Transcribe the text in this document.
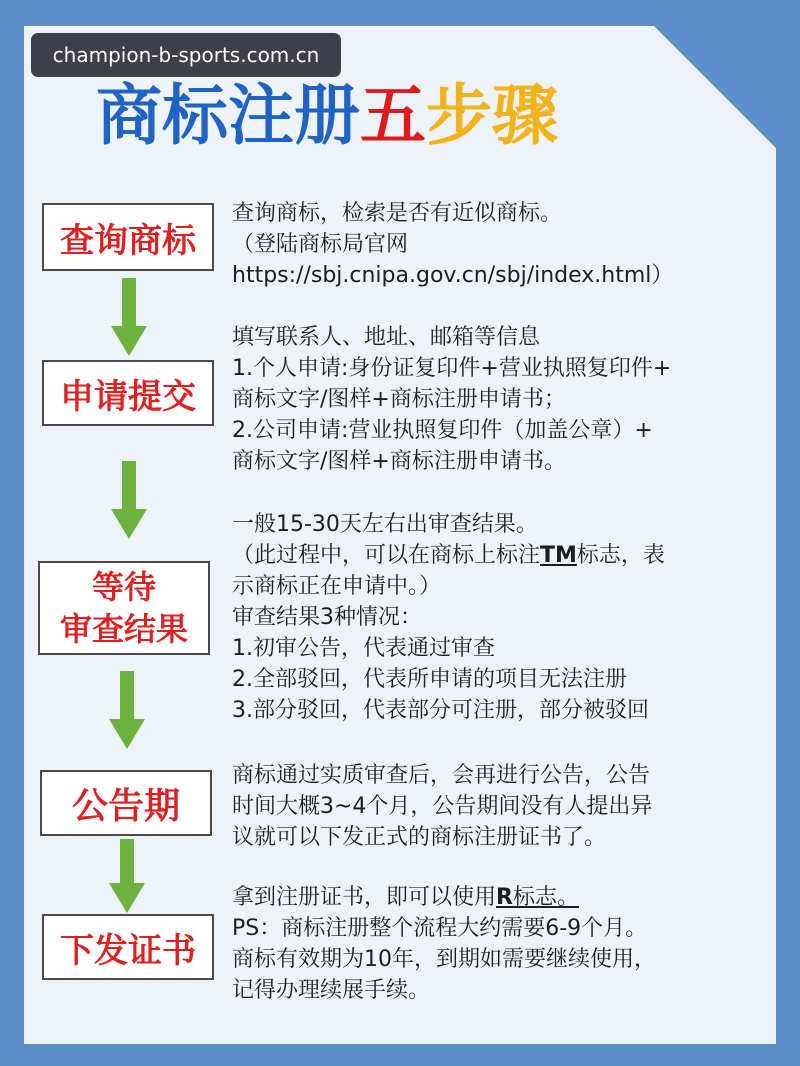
champion-b-sports.com.cn
商标注册五步骤
查询商标
查询商标，检索是否有近似商标。
（登陆商标局官网
https://sbj.cnipa.gov.cn/sbj/index.html）
申请提交
填写联系人、地址、邮箱等信息
1.个人申请:身份证复印件+营业执照复印件+
商标文字/图样+商标注册申请书；
2.公司申请:营业执照复印件（加盖公章）+
商标文字/图样+商标注册申请书。
等待
审查结果
一般15-30天左右出审查结果。
（此过程中，可以在商标上标注TM标志，表
示商标正在申请中。）
审查结果3种情况：
1.初审公告，代表通过审查
2.全部驳回，代表所申请的项目无法注册
3.部分驳回，代表部分可注册，部分被驳回
公告期
商标通过实质审查后，会再进行公告，公告
时间大概3~4个月，公告期间没有人提出异
议就可以下发正式的商标注册证书了。
下发证书
拿到注册证书，即可以使用R标志。
PS：商标注册整个流程大约需要6-9个月。
商标有效期为10年，到期如需要继续使用，
记得办理续展手续。
